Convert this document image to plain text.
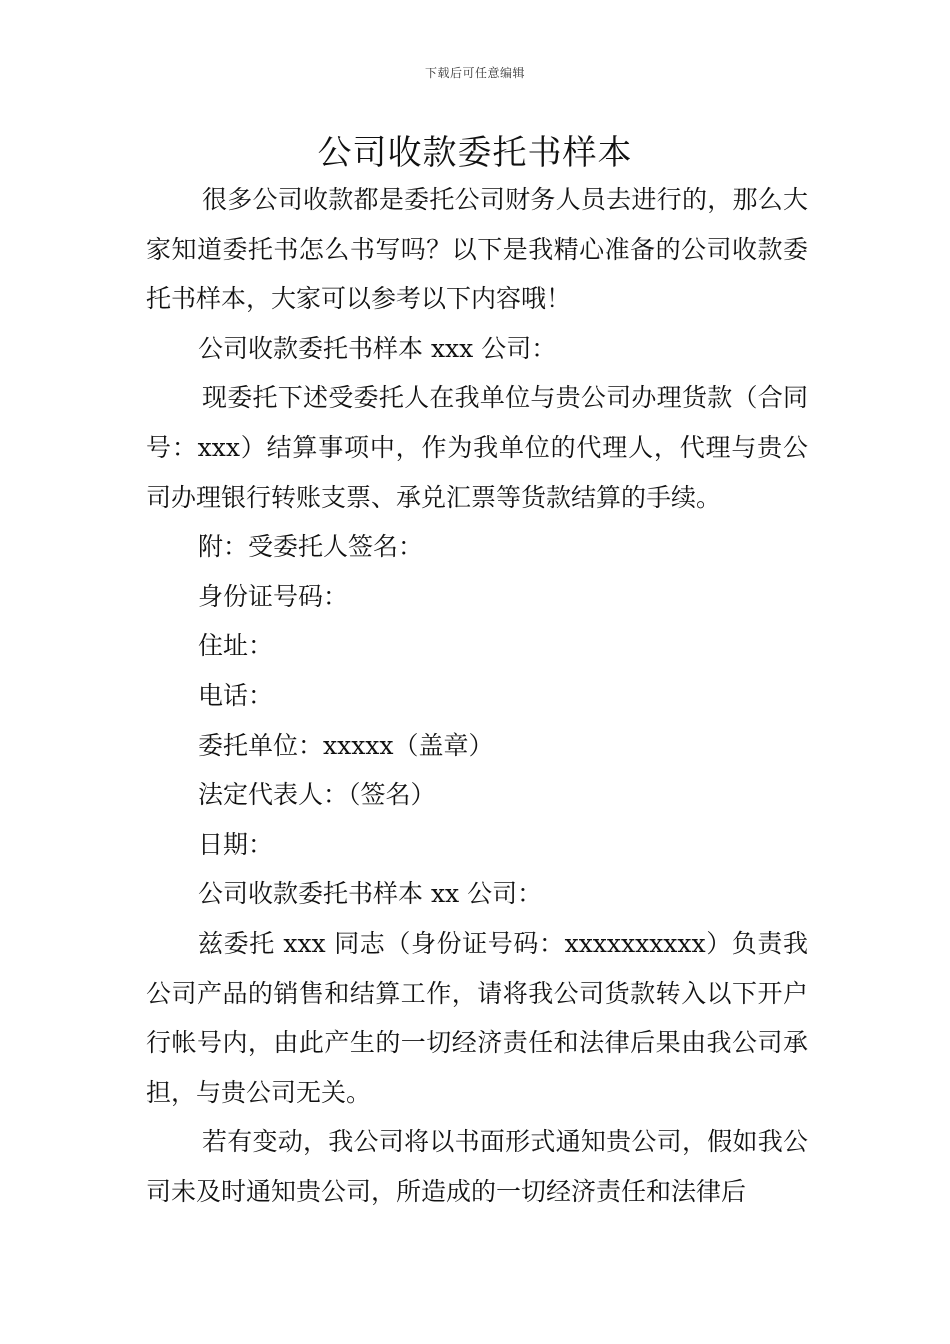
下载后可任意编辑
公司收款委托书样本

很多公司收款都是委托公司财务人员去进行的，那么大家知道委托书怎么书写吗？以下是我精心准备的公司收款委托书样本，大家可以参考以下内容哦！

公司收款委托书样本 xxx 公司：

现委托下述受委托人在我单位与贵公司办理货款（合同号：xxx）结算事项中，作为我单位的代理人，代理与贵公司办理银行转账支票、承兑汇票等货款结算的手续。

附：受委托人签名：

身份证号码：

住址：

电话：

委托单位：xxxxx（盖章）

法定代表人：（签名）

日期：

公司收款委托书样本 xx 公司：

兹委托 xxx 同志（身份证号码：xxxxxxxxxx）负责我公司产品的销售和结算工作，请将我公司货款转入以下开户行帐号内，由此产生的一切经济责任和法律后果由我公司承担，与贵公司无关。

若有变动，我公司将以书面形式通知贵公司，假如我公司未及时通知贵公司，所造成的一切经济责任和法律后
